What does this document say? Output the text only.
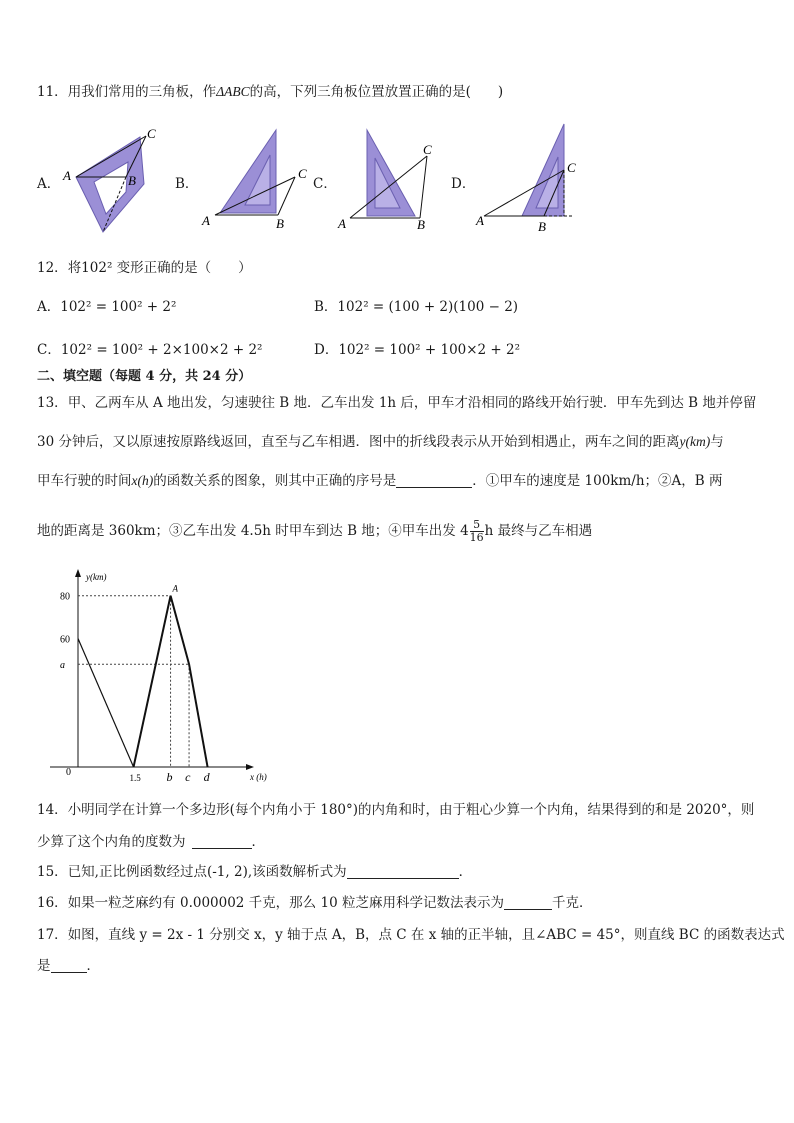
11．用我们常用的三角板，作ΔABC的高，下列三角板位置放置正确的是(　　)
A．	B．	C．	D．
C
A	B	C
A	B
C
A	B
C
A	B
12．将102² 变形正确的是（　　）
A．102² = 100² + 2²	B．102² = (100 + 2)(100 − 2)
C．102² = 100² + 2×100×2 + 2²	D．102² = 100² + 100×2 + 2²
二、填空题（每题 4 分，共 24 分）
13．甲、乙两车从 A 地出发，匀速驶往 B 地．乙车出发 1h 后，甲车才沿相同的路线开始行驶．甲车先到达 B 地并停留
30 分钟后，又以原速按原路线返回，直至与乙车相遇．图中的折线段表示从开始到相遇止，两车之间的距离y(km)与
甲车行驶的时间x(h)的函数关系的图象，则其中正确的序号是	．①甲车的速度是 100km/h；②A，B 两
地的距离是 360km；③乙车出发 4.5h 时甲车到达 B 地；④甲车出发 $4 \frac{5}{16}$ h 最终与乙车相遇
y(km)
x (h)
0
80
60
a
1.5 b c d
A
14．小明同学在计算一个多边形(每个内角小于 180°)的内角和时，由于粗心少算一个内角，结果得到的和是 2020°，则
少算了这个内角的度数为	．
15．已知,正比例函数经过点(-1, 2),该函数解析式为	．
16．如果一粒芝麻约有 0.000002 千克，那么 10 粒芝麻用科学记数法表示为	千克．
17．如图，直线 y = 2x - 1 分别交 x，y 轴于点 A，B，点 C 在 x 轴的正半轴，且∠ABC = 45°，则直线 BC 的函数表达式
是	．
